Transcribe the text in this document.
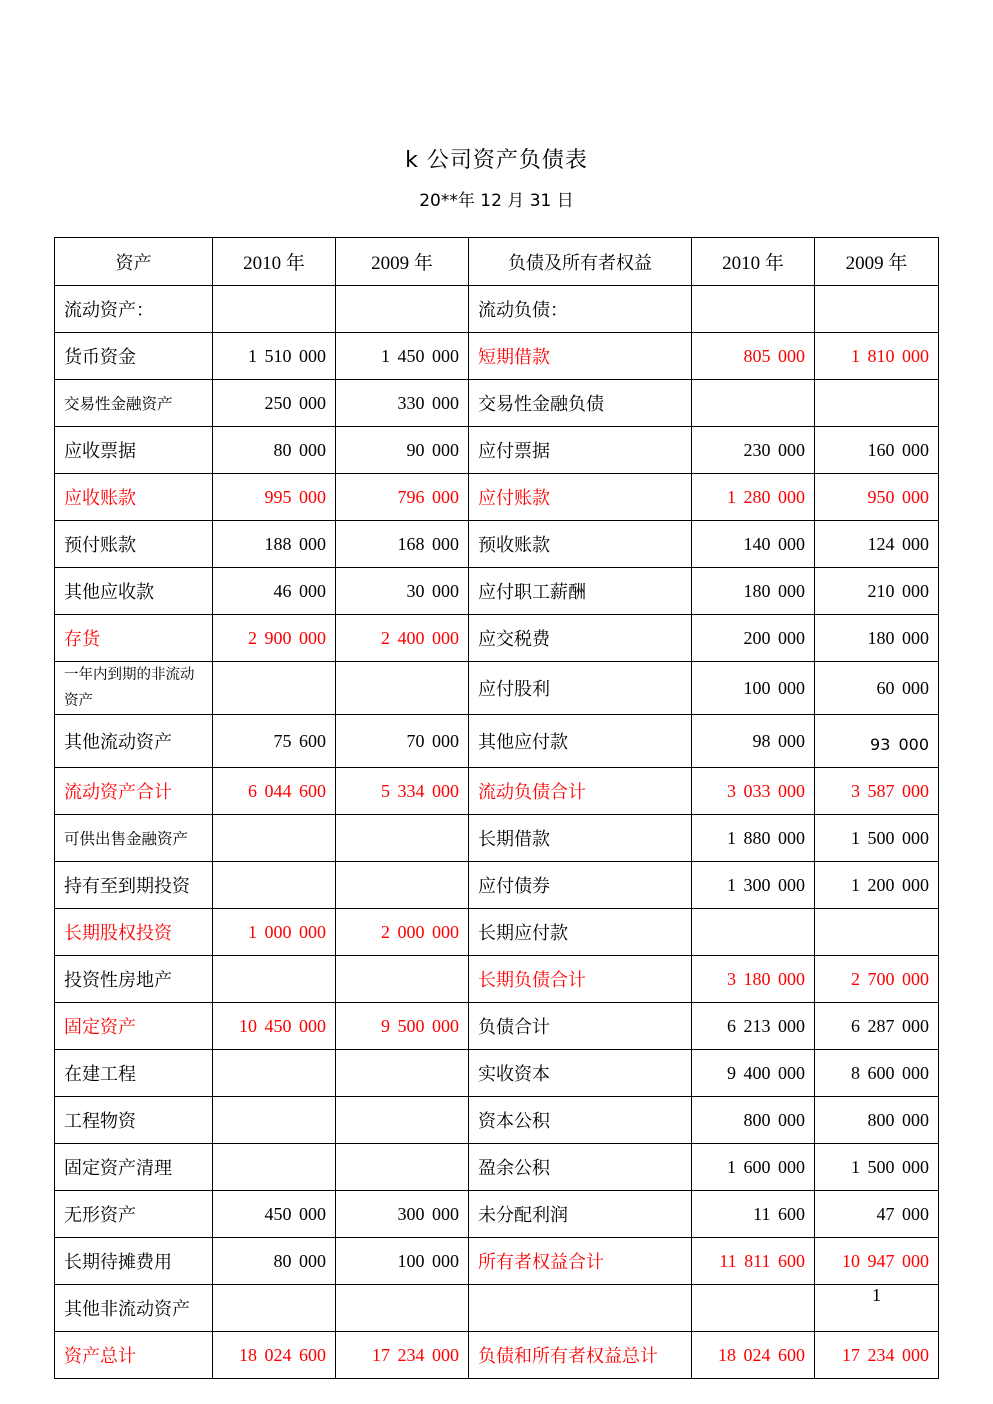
k 公司资产负债表
20**年 12 月 31 日
资产	2010 年	2009 年	负债及所有者权益	2010 年	2009 年
流动资产：			流动负债：		
货币资金	1 510 000	1 450 000	短期借款	805 000	1 810 000
交易性金融资产	250 000	330 000	交易性金融负债		
应收票据	80 000	90 000	应付票据	230 000	160 000
应收账款	995 000	796 000	应付账款	1 280 000	950 000
预付账款	188 000	168 000	预收账款	140 000	124 000
其他应收款	46 000	30 000	应付职工薪酬	180 000	210 000
存货	2 900 000	2 400 000	应交税费	200 000	180 000
一年内到期的非流动资产			应付股利	100 000	60 000
其他流动资产	75 600	70 000	其他应付款	98 000	93 000
流动资产合计	6 044 600	5 334 000	流动负债合计	3 033 000	3 587 000
可供出售金融资产			长期借款	1 880 000	1 500 000
持有至到期投资			应付债券	1 300 000	1 200 000
长期股权投资	1 000 000	2 000 000	长期应付款		
投资性房地产			长期负债合计	3 180 000	2 700 000
固定资产	10 450 000	9 500 000	负债合计	6 213 000	6 287 000
在建工程			实收资本	9 400 000	8 600 000
工程物资			资本公积	800 000	800 000
固定资产清理			盈余公积	1 600 000	1 500 000
无形资产	450 000	300 000	未分配利润	11 600	47 000
长期待摊费用	80 000	100 000	所有者权益合计	11 811 600	10 947 000
其他非流动资产					1
资产总计	18 024 600	17 234 000	负债和所有者权益总计	18 024 600	17 234 000
